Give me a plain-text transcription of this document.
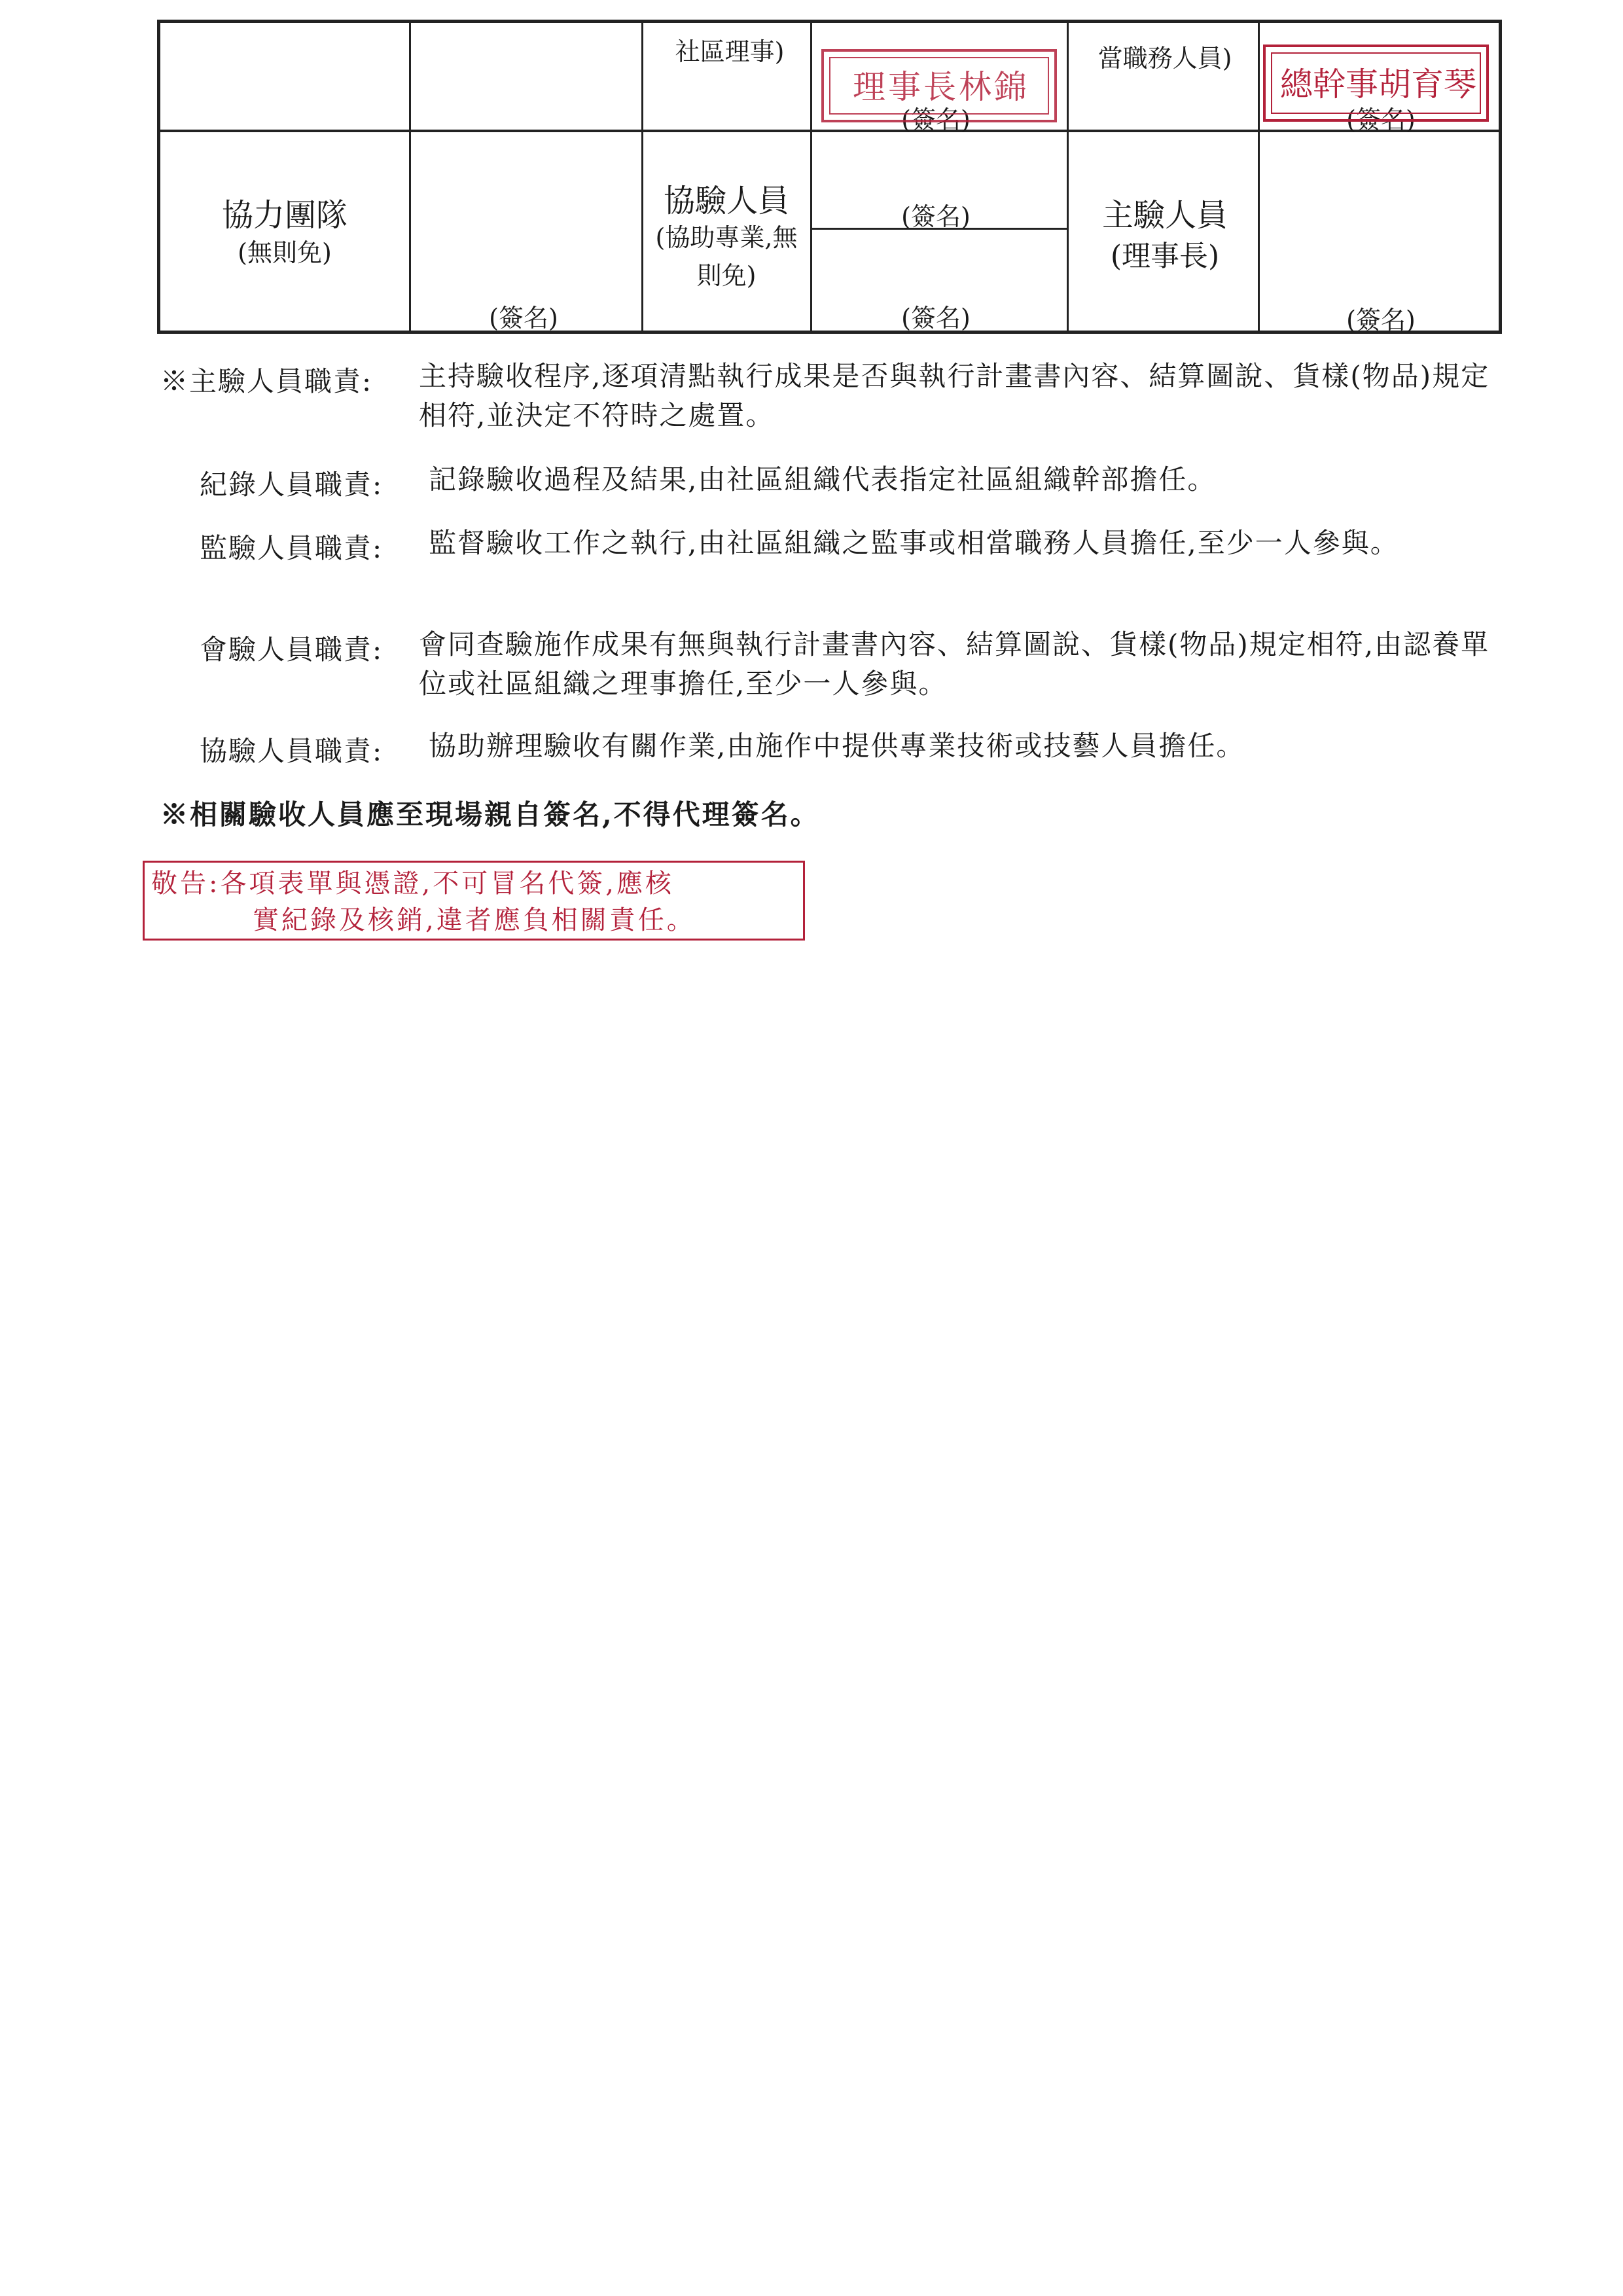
社區理事)
(簽名)
當職務人員)
(簽名)
協力團隊
(無則免)
(簽名)
協驗人員
(協助專業,無
則免)
(簽名)
(簽名)
主驗人員
(理事長)
(簽名)
理事長林錦	總幹事胡育琴
※主驗人員職責: 主持驗收程序,逐項清點執行成果是否與執行計畫書內容、結算圖說、貨樣(物品)規定相符,並決定不符時之處置。
紀錄人員職責: 記錄驗收過程及結果,由社區組織代表指定社區組織幹部擔任。
監驗人員職責: 監督驗收工作之執行,由社區組織之監事或相當職務人員擔任,至少一人參與。
會驗人員職責: 會同查驗施作成果有無與執行計畫書內容、結算圖說、貨樣(物品)規定相符,由認養單位或社區組織之理事擔任,至少一人參與。
協驗人員職責: 協助辦理驗收有關作業,由施作中提供專業技術或技藝人員擔任。
※相關驗收人員應至現場親自簽名,不得代理簽名。
敬告:各項表單與憑證,不可冒名代簽,應核
實紀錄及核銷,違者應負相關責任。
